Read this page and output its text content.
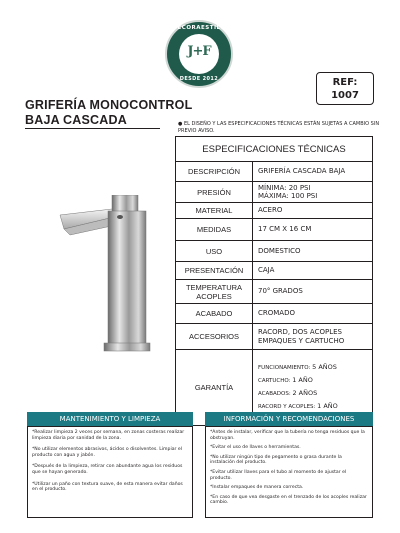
DECORAESTILO
J+F
DESDE 2012	REF:
1007
GRIFERÍA MONOCONTROL
BAJA CASCADA	● EL DISEÑO Y LAS ESPECIFICACIONES TÉCNICAS ESTÁN SUJETAS A CAMBIO SIN PREVIO AVISO.
ESPECIFICACIONES TÉCNICAS	
DESCRIPCIÓN	GRIFERÍA CASCADA BAJA
PRESIÓN	MÍNIMA: 20 PSI
MÁXIMA: 100 PSI

MATERIAL	ACERO
MEDIDAS	17 CM X 16 CM
USO	DOMESTICO
PRESENTACIÓN	CAJA

TEMPERATURA
ACOPLES	70° GRADOS
ACABADO	CROMADO
ACCESORIOS	RACORD, DOS ACOPLES
EMPAQUES Y CARTUCHO

GARANTÍA	FUNCIONAMIENTO: 5 AÑOS
CARTUCHO: 1 AÑO
ACABADOS: 2 AÑOS
RACORD Y ACOPLES: 1 AÑO
MANTENIMIENTO Y LIMPIEZA

*Realizar limpieza 2 veces por semana, en zonas costeras realizar limpieza diaria por sanidad de la zona.

*No utilizar elementos abrasivos, ácidos o disolventes. Limpiar el producto con agua y jabón.

*Después de la limpieza, retirar con abundante agua los residuos que se hayan generado.

*Utilizar un paño con textura suave, de esta manera evitar daños en el producto.

INFORMACIÓN Y RECOMENDACIONES

*Antes de instalar, verificar que la tubería no tenga residuos que la obstruyan.

*Evitar el uso de llaves o herramientas.

*No utilizar ningún tipo de pegamento o grasa durante la instalación del producto.

*Evitar utilizar llaves para el tubo al momento de ajustar el producto.

*Instalar empaques de manera correcta.

*En caso de que vea desgaste en el trenzado de los acoples realizar cambio.
